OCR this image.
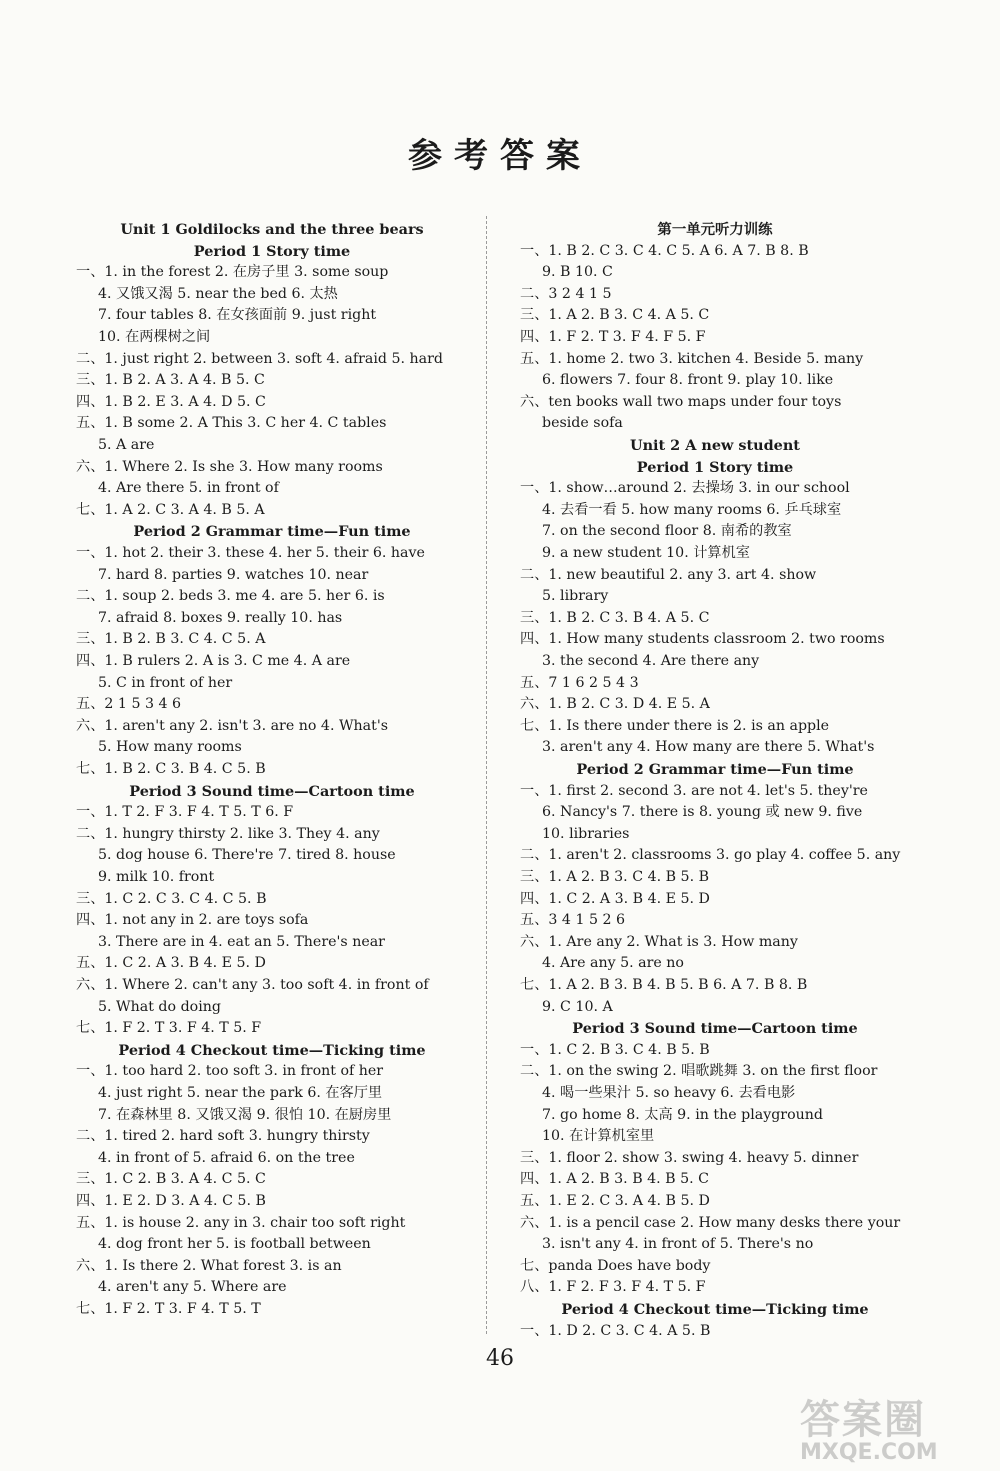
参考答案
Unit 1 Goldilocks and the three bears
Period 1 Story time
一、1. in the forest 2. 在房子里 3. some soup
4. 又饿又渴 5. near the bed 6. 太热
7. four tables 8. 在女孩面前 9. just right
10. 在两棵树之间
二、1. just right 2. between 3. soft 4. afraid 5. hard
三、1. B 2. A 3. A 4. B 5. C
四、1. B 2. E 3. A 4. D 5. C
五、1. B some 2. A This 3. C her 4. C tables
5. A are
六、1. Where 2. Is she 3. How many rooms
4. Are there 5. in front of
七、1. A 2. C 3. A 4. B 5. A
Period 2 Grammar time—Fun time
一、1. hot 2. their 3. these 4. her 5. their 6. have
7. hard 8. parties 9. watches 10. near
二、1. soup 2. beds 3. me 4. are 5. her 6. is
7. afraid 8. boxes 9. really 10. has
三、1. B 2. B 3. C 4. C 5. A
四、1. B rulers 2. A is 3. C me 4. A are
5. C in front of her
五、2 1 5 3 4 6
六、1. aren't any 2. isn't 3. are no 4. What's
5. How many rooms
七、1. B 2. C 3. B 4. C 5. B
Period 3 Sound time—Cartoon time
一、1. T 2. F 3. F 4. T 5. T 6. F
二、1. hungry thirsty 2. like 3. They 4. any
5. dog house 6. There're 7. tired 8. house
9. milk 10. front
三、1. C 2. C 3. C 4. C 5. B
四、1. not any in 2. are toys sofa
3. There are in 4. eat an 5. There's near
五、1. C 2. A 3. B 4. E 5. D
六、1. Where 2. can't any 3. too soft 4. in front of
5. What do doing
七、1. F 2. T 3. F 4. T 5. F
Period 4 Checkout time—Ticking time
一、1. too hard 2. too soft 3. in front of her
4. just right 5. near the park 6. 在客厅里
7. 在森林里 8. 又饿又渴 9. 很怕 10. 在厨房里
二、1. tired 2. hard soft 3. hungry thirsty
4. in front of 5. afraid 6. on the tree
三、1. C 2. B 3. A 4. C 5. C
四、1. E 2. D 3. A 4. C 5. B
五、1. is house 2. any in 3. chair too soft right
4. dog front her 5. is football between
六、1. Is there 2. What forest 3. is an
4. aren't any 5. Where are
七、1. F 2. T 3. F 4. T 5. T
第一单元听力训练
一、1. B 2. C 3. C 4. C 5. A 6. A 7. B 8. B
9. B 10. C
二、3 2 4 1 5
三、1. A 2. B 3. C 4. A 5. C
四、1. F 2. T 3. F 4. F 5. F
五、1. home 2. two 3. kitchen 4. Beside 5. many
6. flowers 7. four 8. front 9. play 10. like
六、ten books wall two maps under four toys
beside sofa
Unit 2 A new student
Period 1 Story time
一、1. show…around 2. 去操场 3. in our school
4. 去看一看 5. how many rooms 6. 乒乓球室
7. on the second floor 8. 南希的教室
9. a new student 10. 计算机室
二、1. new beautiful 2. any 3. art 4. show
5. library
三、1. B 2. C 3. B 4. A 5. C
四、1. How many students classroom 2. two rooms
3. the second 4. Are there any
五、7 1 6 2 5 4 3
六、1. B 2. C 3. D 4. E 5. A
七、1. Is there under there is 2. is an apple
3. aren't any 4. How many are there 5. What's
Period 2 Grammar time—Fun time
一、1. first 2. second 3. are not 4. let's 5. they're
6. Nancy's 7. there is 8. young 或 new 9. five
10. libraries
二、1. aren't 2. classrooms 3. go play 4. coffee 5. any
三、1. A 2. B 3. C 4. B 5. B
四、1. C 2. A 3. B 4. E 5. D
五、3 4 1 5 2 6
六、1. Are any 2. What is 3. How many
4. Are any 5. are no
七、1. A 2. B 3. B 4. B 5. B 6. A 7. B 8. B
9. C 10. A
Period 3 Sound time—Cartoon time
一、1. C 2. B 3. C 4. B 5. B
二、1. on the swing 2. 唱歌跳舞 3. on the first floor
4. 喝一些果汁 5. so heavy 6. 去看电影
7. go home 8. 太高 9. in the playground
10. 在计算机室里
三、1. floor 2. show 3. swing 4. heavy 5. dinner
四、1. A 2. B 3. B 4. B 5. C
五、1. E 2. C 3. A 4. B 5. D
六、1. is a pencil case 2. How many desks there your
3. isn't any 4. in front of 5. There's no
七、panda Does have body
八、1. F 2. F 3. F 4. T 5. F
Period 4 Checkout time—Ticking time
一、1. D 2. C 3. C 4. A 5. B
46
答案圈
MXQE.COM
